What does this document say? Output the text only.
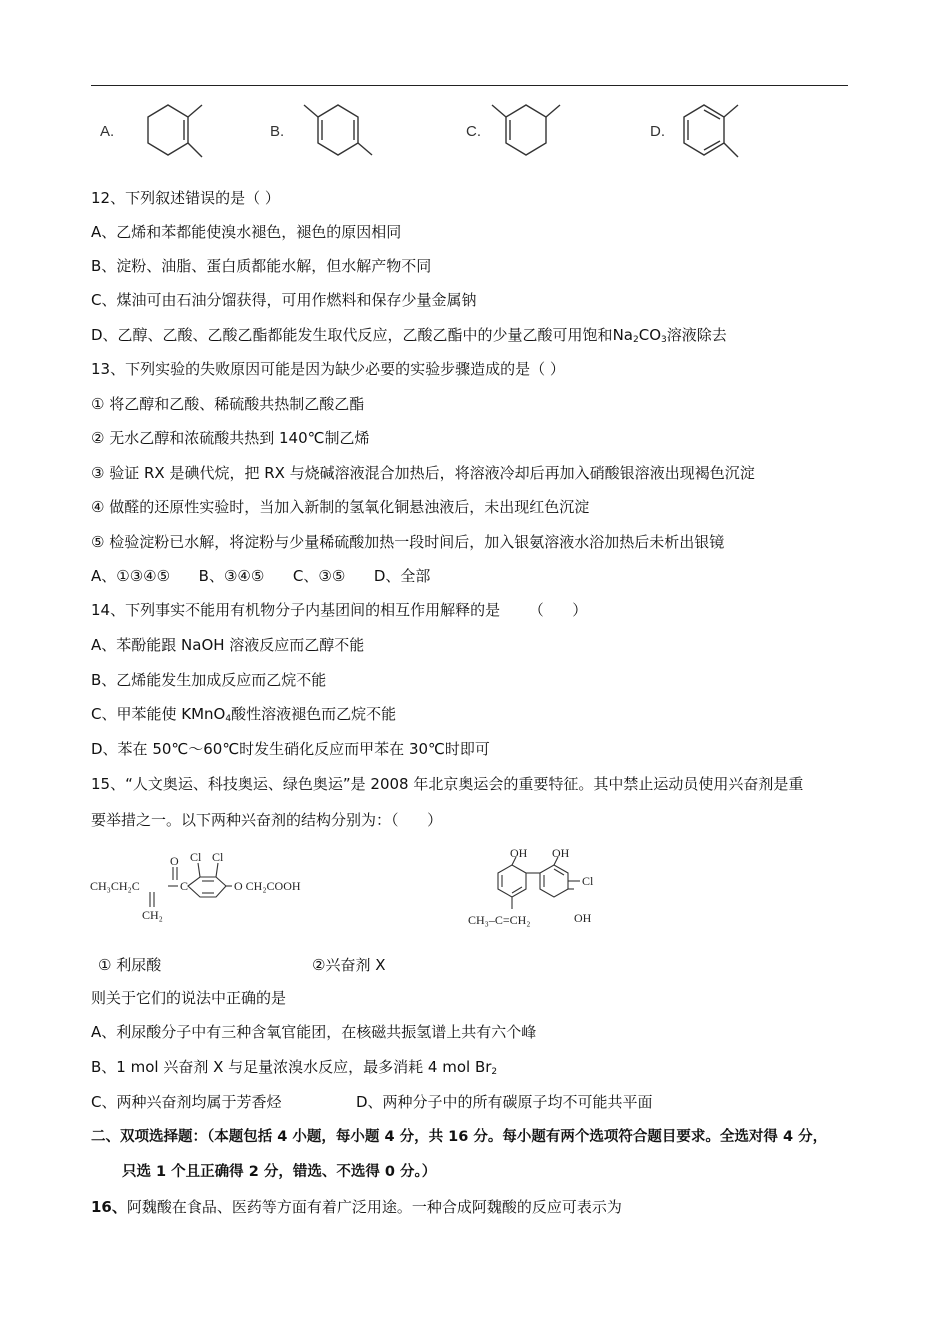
A.	B.	C.	D.
12、下列叙述错误的是（ ）
A、乙烯和苯都能使溴水褪色，褪色的原因相同
B、淀粉、油脂、蛋白质都能水解，但水解产物不同
C、煤油可由石油分馏获得，可用作燃料和保存少量金属钠
D、乙醇、乙酸、乙酸乙酯都能发生取代反应，乙酸乙酯中的少量乙酸可用饱和$Na_2CO_3$溶液除去
13、下列实验的失败原因可能是因为缺少必要的实验步骤造成的是（ ）
① 将乙醇和乙酸、稀硫酸共热制乙酸乙酯
② 无水乙醇和浓硫酸共热到 140℃制乙烯
③ 验证 RX 是碘代烷，把 RX 与烧碱溶液混合加热后，将溶液冷却后再加入硝酸银溶液出现褐色沉淀
④ 做醛的还原性实验时，当加入新制的氢氧化铜悬浊液后，未出现红色沉淀
⑤ 检验淀粉已水解，将淀粉与少量稀硫酸加热一段时间后，加入银氨溶液水浴加热后未析出银镜
A、①③④⑤      B、③④⑤      C、③⑤      D、全部
14、下列事实不能用有机物分子内基团间的相互作用解释的是      （      ）
A、苯酚能跟 NaOH 溶液反应而乙醇不能
B、乙烯能发生加成反应而乙烷不能
C、甲苯能使 KMnO$_4$酸性溶液褪色而乙烷不能
D、苯在 50℃～60℃时发生硝化反应而甲苯在 30℃时即可
15、“人文奥运、科技奥运、绿色奥运”是 2008 年北京奥运会的重要特征。其中禁止运动员使用兴奋剂是重
要举措之一。以下两种兴奋剂的结构分别为：（      ）
CH₃CH₂C	C
O Cl Cl
O CH₂COOH
CH₂
OH OH
Cl
OH
CH₃–C=CH₂
① 利尿酸	②兴奋剂 X
则关于它们的说法中正确的是
A、利尿酸分子中有三种含氧官能团，在核磁共振氢谱上共有六个峰
B、1 mol 兴奋剂 X 与足量浓溴水反应，最多消耗 4 mol $Br_2$
C、两种兴奋剂均属于芳香烃	D、两种分子中的所有碳原子均不可能共平面
二、双项选择题：（本题包括 4 小题，每小题 4 分，共 16 分。每小题有两个选项符合题目要求。全选对得 4 分，
只选 1 个且正确得 2 分，错选、不选得 0 分。）
16、阿魏酸在食品、医药等方面有着广泛用途。一种合成阿魏酸的反应可表示为
